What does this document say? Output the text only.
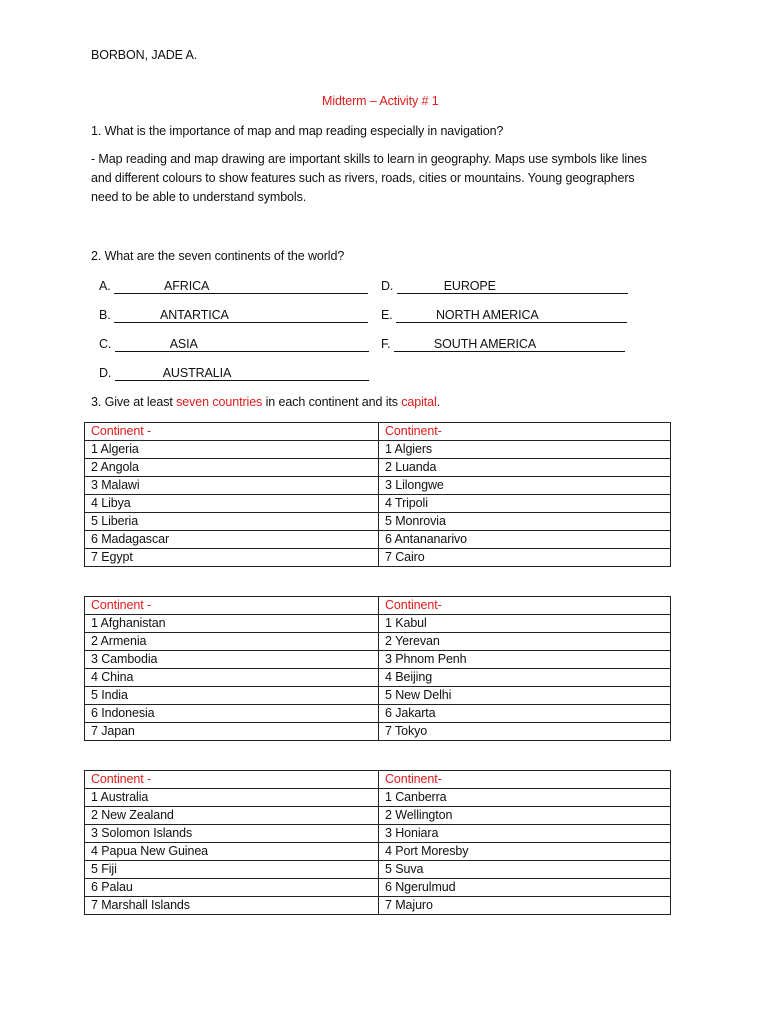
BORBON, JADE A.
Midterm – Activity # 1
1. What is the importance of map and map reading especially in navigation?
- Map reading and map drawing are important skills to learn in geography. Maps use symbols like lines
and different colours to show features such as rivers, roads, cities or mountains. Young geographers
need to be able to understand symbols.
2. What are the seven continents of the world?
A.	AFRICA
B.	ANTARTICA
C.	ASIA
D.	AUSTRALIA
D.	EUROPE
E.	NORTH AMERICA
F.	SOUTH AMERICA
3. Give at least seven countries in each continent and its capital.
Continent -	Continent-
1 Algeria	1 Algiers
2 Angola	2 Luanda
3 Malawi	3 Lilongwe
4 Libya	4 Tripoli
5 Liberia	5 Monrovia
6 Madagascar	6 Antananarivo
7 Egypt	7 Cairo
Continent -	Continent-
1 Afghanistan	1 Kabul
2 Armenia	2 Yerevan
3 Cambodia	3 Phnom Penh
4 China	4 Beijing
5 India	5 New Delhi
6 Indonesia	6 Jakarta
7 Japan	7 Tokyo
Continent -	Continent-
1 Australia	1 Canberra
2 New Zealand	2 Wellington
3 Solomon Islands	3 Honiara
4 Papua New Guinea	4 Port Moresby
5 Fiji	5 Suva
6 Palau	6 Ngerulmud
7 Marshall Islands	7 Majuro
